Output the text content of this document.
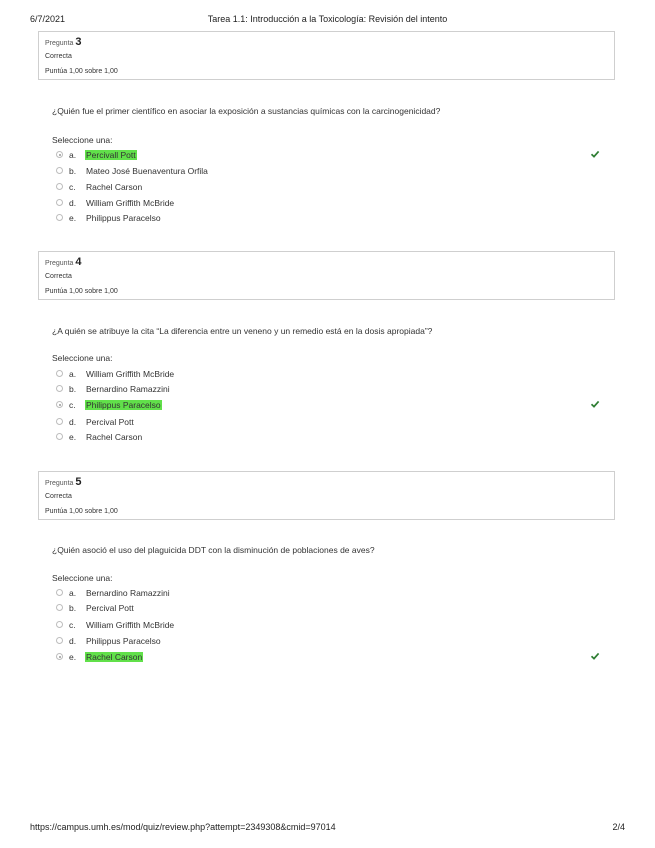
6/7/2021	Tarea 1.1: Introducción a la Toxicología: Revisión del intento
Pregunta 3
Correcta
Puntúa 1,00 sobre 1,00
¿Quién fue el primer científico en asociar la exposición a sustancias químicas con la carcinogenicidad?
Seleccione una:
a. Percivall Pott
b. Mateo José Buenaventura Orfila
c. Rachel Carson
d. William Griffith McBride
e. Philippus Paracelso
Pregunta 4
Correcta
Puntúa 1,00 sobre 1,00
¿A quién se atribuye la cita “La diferencia entre un veneno y un remedio está en la dosis apropiada”?
Seleccione una:
a. William Griffith McBride
b. Bernardino Ramazzini
c. Philippus Paracelso
d. Percival Pott
e. Rachel Carson
Pregunta 5
Correcta
Puntúa 1,00 sobre 1,00
¿Quién asoció el uso del plaguicida DDT con la disminución de poblaciones de aves?
Seleccione una:
a. Bernardino Ramazzini
b. Percival Pott
c. William Griffith McBride
d. Philippus Paracelso
e. Rachel Carson
https://campus.umh.es/mod/quiz/review.php?attempt=2349308&cmid=97014	2/4
